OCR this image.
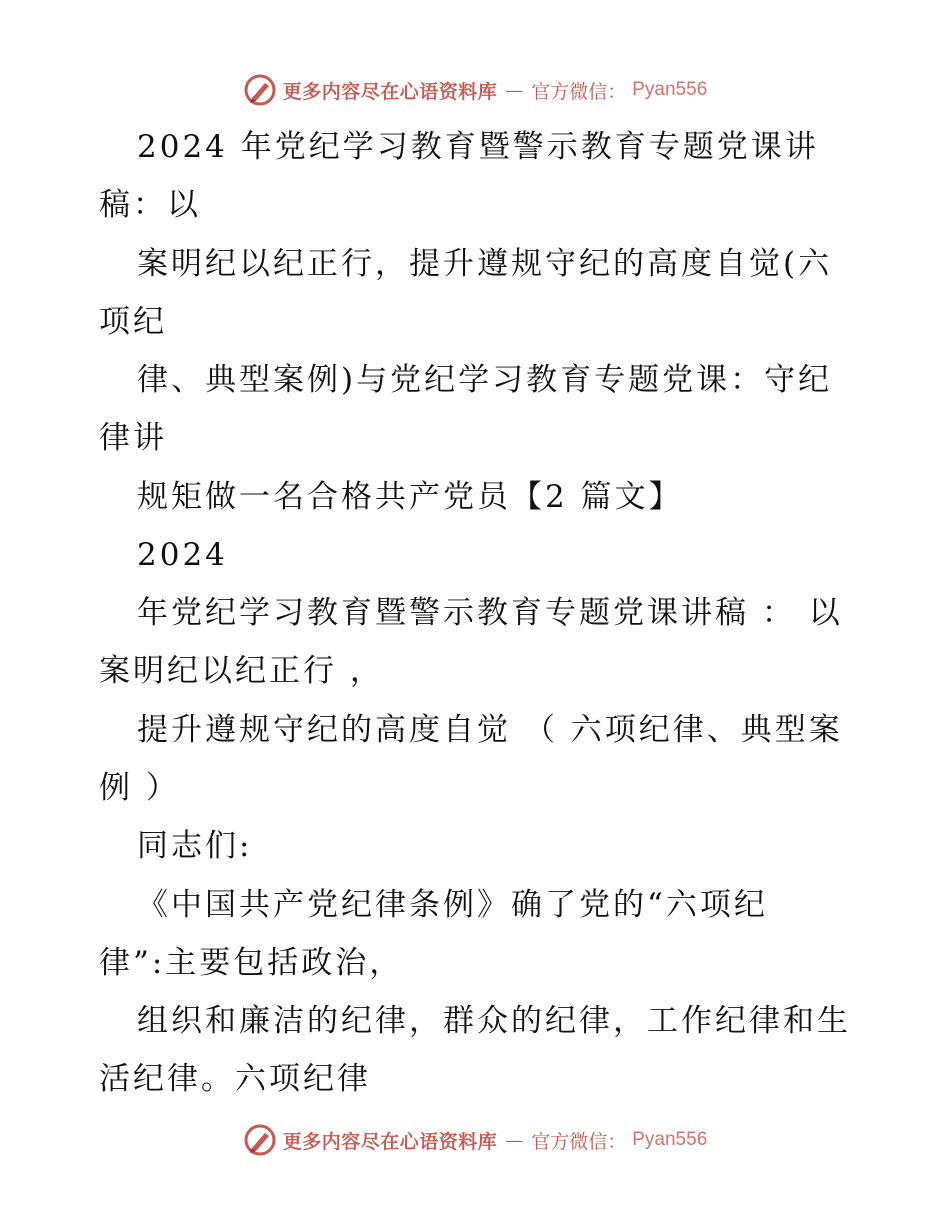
更多内容尽在心语资料库 — 官方微信： Pyan556
2024 年党纪学习教育暨警示教育专题党课讲
稿：以
案明纪以纪正行，提升遵规守纪的高度自觉(六
项纪
律、典型案例)与党纪学习教育专题党课：守纪
律讲
规矩做一名合格共产党员【2 篇文】
2024
年党纪学习教育暨警示教育专题党课讲稿 ： 以
案明纪以纪正行 ，
提升遵规守纪的高度自觉 （ 六项纪律、典型案
例 ）
同志们:
《中国共产党纪律条例》确了党的“六项纪
律”:主要包括政治，
组织和廉洁的纪律，群众的纪律，工作纪律和生
活纪律。六项纪律
更多内容尽在心语资料库 — 官方微信： Pyan556
